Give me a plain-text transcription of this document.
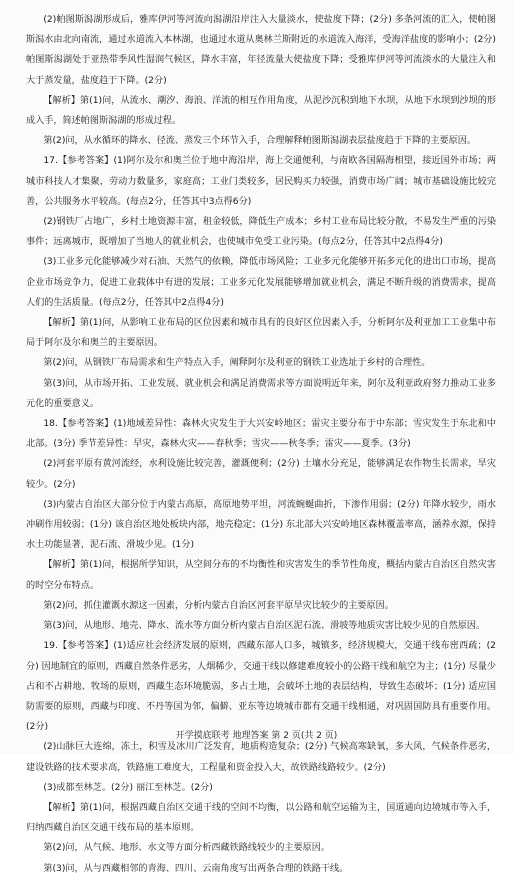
(2)帕图斯潟湖形成后，雅库伊河等河流向潟湖沿岸注入大量淡水，使盐度下降；(2分) 多条河流的汇入，使帕图斯潟水由北向南流，通过水道流入本林湖，也通过水道从奥林兰斯附近的水道流入海洋，受海洋盐度的影响小；(2分) 帕图斯潟湖处于亚热带季风性湿润气候区，降水丰富，年径流量大使盐度下降；受雅库伊河等河流淡水的大量注入和大于蒸发量，盐度趋于下降。(2分)

【解析】第(1)问，从流水、潮汐、海浪、洋流的相互作用角度，从泥沙沉积到地下水坝，从地下水坝到沙坝的形成入手，简述帕图斯潟湖的形成过程。

第(2)问，从水循环的降水、径流、蒸发三个环节入手，合理解释帕图斯潟湖表层盐度趋于下降的主要原因。

17.【参考答案】(1)阿尔及尔和奥兰位于地中海沿岸，海上交通便利，与南欧各国隔海相望，接近国外市场；两城市科技人才集聚，劳动力数量多，家庭高；工业门类较多，居民购买力较强，消费市场广阔；城市基础设施比较完善，公共服务水平较高。(每点2分，任答其中3点得6分)

(2)钢铁厂占地广，乡村土地资源丰富，租金较低，降低生产成本；乡村工业布局比较分散，不易发生严重的污染事件；远离城市，既增加了当地人的就业机会，也使城市免受工业污染。(每点2分，任答其中2点得4分)

(3)工业多元化能够减少对石油、天然气的依赖，降低市场风险；工业多元化能够开拓多元化的进出口市场，提高企业市场竞争力，促进工业载体中有进的发展；工业多元化发展能够增加就业机会，满足不断升级的消费需求，提高人们的生活质量。(每点2分，任答其中2点得4分)

【解析】第(1)问，从影响工业布局的区位因素和城市具有的良好区位因素入手，分析阿尔及利亚加工工业集中布局于阿尔及尔和奥兰的主要原因。

第(2)问，从钢铁厂布局需求和生产特点入手，阐释阿尔及利亚的钢铁工业选址于乡村的合理性。

第(3)问，从市场开拓、工业发展、就业机会和满足消费需求等方面说明近年来，阿尔及利亚政府努力推动工业多元化的重要意义。

18.【参考答案】(1)地域差异性：森林火灾发生于大兴安岭地区；雷灾主要分布于中东部；雪灾发生于东北和中北部。(3分) 季节差异性：早灾，森林火灾——春秋季；雪灾——秋冬季；雷灾——夏季。(3分)

(2)河套平原有黄河流经，水利设施比较完善，灌溉便利；(2分) 土壤水分充足，能够满足农作物生长需求，旱灾较少。(2分)

(3)内蒙古自治区大部分位于内蒙古高原，高原地势平坦，河流蜿蜒曲折，下渗作用弱；(2分) 年降水较少，雨水冲刷作用较弱；(1分) 该自治区地处板块内部，地壳稳定；(1分) 东北部大兴安岭地区森林覆盖率高，涵养水源，保持水土功能显著，泥石流、滑坡少见。(1分)

【解析】第(1)问，根据所学知识，从空间分布的不均衡性和灾害发生的季节性角度，概括内蒙古自治区自然灾害的时空分布特点。

第(2)问，抓住灌溉水源这一因素，分析内蒙古自治区河套平原旱灾比较少的主要原因。

第(3)问，从地形、地壳、降水、流水等方面分析内蒙古自治区泥石流、滑坡等地质灾害比较少见的自然原因。

19.【参考答案】(1)适应社会经济发展的原则，西藏东部人口多，城镇多，经济规模大，交通干线布密西疏；(2分) 因地制宜的原则，西藏自然条件恶劣，人烟稀少，交通干线以修建难度较小的公路干线和航空为主；(1分) 尽量少占和不占耕地、牧场的原则，西藏生态环境脆弱，多占土地，会破坏土地的表层结构，导致生态破坏；(1分) 适应国防需要的原则，西藏与印度、不丹等国为邻，偏僻、亚东等边境城市都有交通干线相通，对巩固国防具有重要作用。(2分)

(2)山脉巨大连绵，冻土，积雪及冰川广泛发育，地质构造复杂；(2分) 气候高寒缺氧，多大风，气候条件恶劣，建设铁路的技术要求高，铁路施工难度大，工程量和资金投入大，故铁路线路较少。(2分)

(3)成都至林芝。(2分) 丽江至林芝。(2分)

【解析】第(1)问，根据西藏自治区交通干线的空间不均衡，以公路和航空运输为主，国道通向边境城市等入手，归纳西藏自治区交通干线布局的基本原则。

第(2)问，从气候、地形、水文等方面分析西藏铁路线较少的主要原因。

第(3)问，从与西藏相邻的青海、四川、云南角度写出两条合理的铁路干线。

开学摸底联考 地理答案 第 2 页(共 2 页)
